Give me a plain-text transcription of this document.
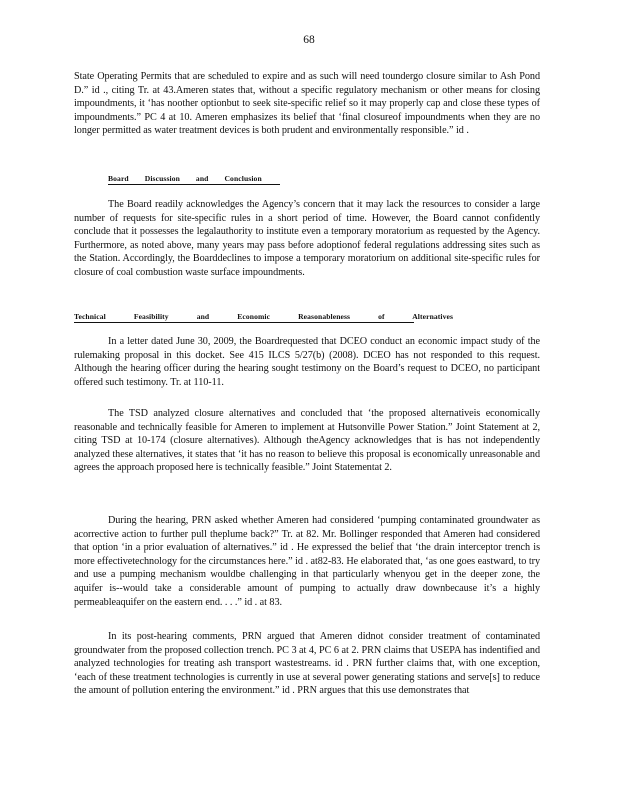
68

State Operating Permits that are scheduled to expire and as such will need toundergo closure similar to Ash Pond D.” id ., citing Tr. at 43.Ameren states that, without a specific regulatory mechanism or other means for closing impoundments, it ‘has noother optionbut to seek site-specific relief so it may properly cap and close these types of impoundments.” PC 4 at 10. Ameren emphasizes its belief that ‘final closureof impoundments when they are no longer permitted as water treatment devices is both prudent and environmentally responsible.” id .

Board Discussion and Conclusion

The Board readily acknowledges the Agency’s concern that it may lack the resources to consider a large number of requests for site-specific rules in a short period of time. However, the Board cannot confidently conclude that it possesses the legalauthority to institute even a temporary moratorium as requested by the Agency. Furthermore, as noted above, many years may pass before adoptionof federal regulations addressing sites such as the Station. Accordingly, the Boarddeclines to impose a temporary moratorium on additional site-specific rules for closure of coal combustion waste surface impoundments.

Technical Feasibility and Economic Reasonableness of Alternatives

In a letter dated June 30, 2009, the Boardrequested that DCEO conduct an economic impact study of the rulemaking proposal in this docket. See 415 ILCS 5/27(b) (2008). DCEO has not responded to this request. Although the hearing officer during the hearing sought testimony on the Board’s request to DCEO, no participant offered such testimony. Tr. at 110-11.

The TSD analyzed closure alternatives and concluded that ‘the proposed alternativeis economically reasonable and technically feasible for Ameren to implement at Hutsonville Power Station.” Joint Statement at 2, citing TSD at 10-174 (closure alternatives). Although theAgency acknowledges that is has not independently analyzed these alternatives, it states that ‘it has no reason to believe this proposal is economically unreasonable and agrees the approach proposed here is technically feasible.” Joint Statementat 2.

During the hearing, PRN asked whether Ameren had considered ‘pumping contaminated groundwater as acorrective action to further pull theplume back?” Tr. at 82. Mr. Bollinger responded that Ameren had considered that option ‘in a prior evaluation of alternatives.” id . He expressed the belief that ‘the drain interceptor trench is more effectivetechnology for the circumstances here.” id . at82-83. He elaborated that, ‘as one goes eastward, to try and use a pumping mechanism wouldbe challenging in that particularly whenyou get in the deeper zone, the aquifer is--would take a considerable amount of pumping to actually draw downbecause it’s a highly permeableaquifer on the eastern end. . . .” id . at 83.

In its post-hearing comments, PRN argued that Ameren didnot consider treatment of contaminated groundwater from the proposed collection trench. PC 3 at 4, PC 6 at 2. PRN claims that USEPA has indentified and analyzed technologies for treating ash transport wastestreams. id . PRN further claims that, with one exception, ‘each of these treatment technologies is currently in use at several power generating stations and serve[s] to reduce the amount of pollution entering the environment.” id . PRN argues that this use demonstrates that
